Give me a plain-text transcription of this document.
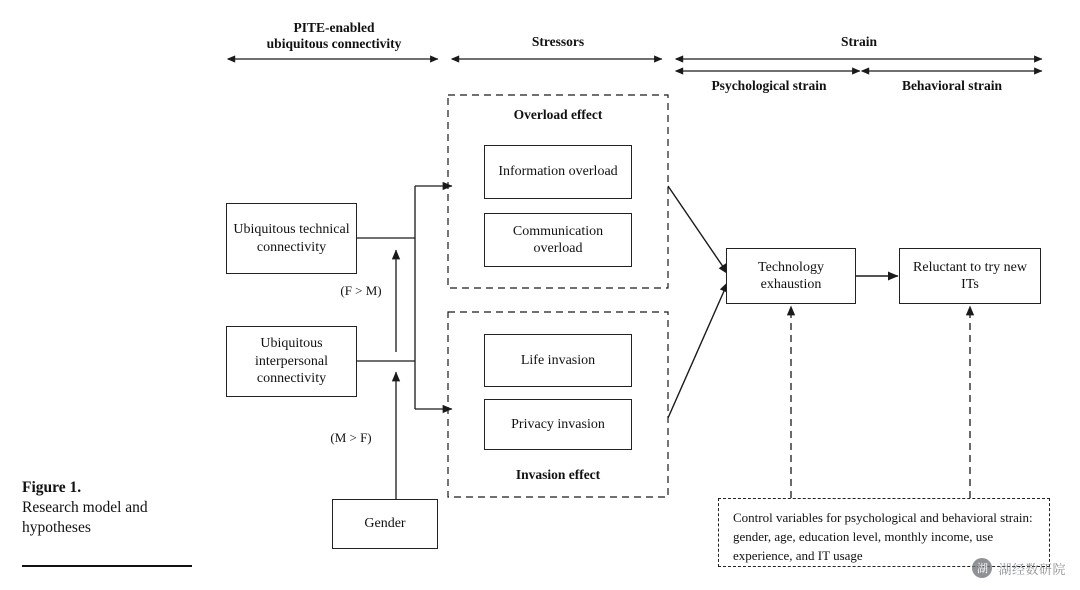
PITE-enabled
ubiquitous connectivity	Stressors	Strain
Psychological strain	Behavioral strain
Overload effect
Invasion effect
Ubiquitous technical connectivity
Ubiquitous interpersonal connectivity
Gender
Information overload
Communication overload
Life invasion
Privacy invasion
Technology exhaustion
Reluctant to try new ITs
(F > M)
(M > F)
Control variables for psychological and behavioral strain: gender, age, education level, monthly income, use experience, and IT usage
Figure 1.
Research model and hypotheses
湖 湖经数研院
